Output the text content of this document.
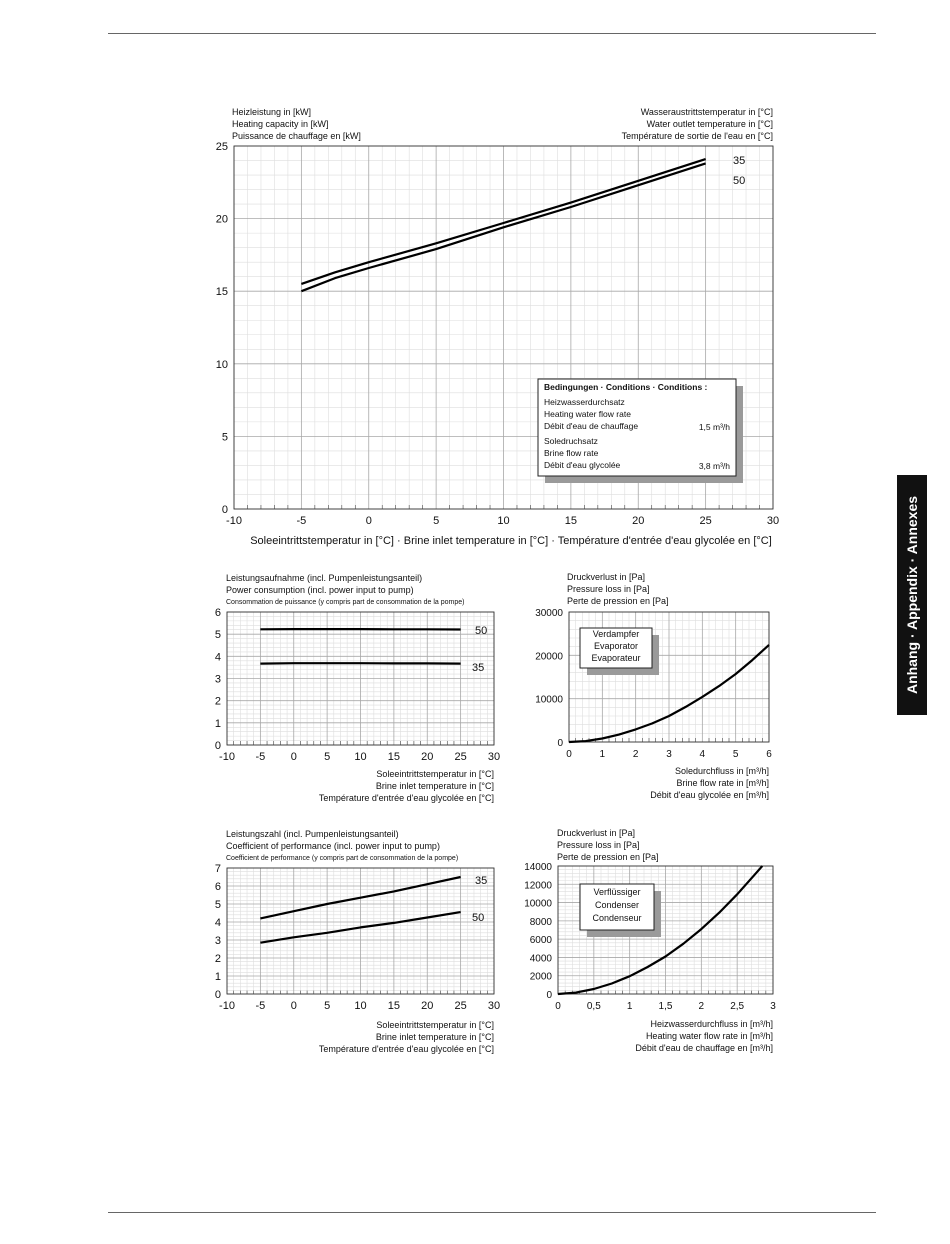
Anhang · Appendix · Annexes
-10	-5	0	5	10	15	20	25	30
0
5
10
15
20
25
Heizleistung in [kW]
Heating capacity in [kW]
Puissance de chauffage en [kW]
Soleeintrittstemperatur in [°C] · Brine inlet temperature in [°C] · Température d'entrée d'eau glycolée en [°C]
Wasseraustrittstemperatur in [°C]
Water outlet temperature in [°C]
Température de sortie de l'eau en [°C]
35
50
Bedingungen · Conditions · Conditions :
Heizwasserdurchsatz
Heating water flow rate
Débit d'eau de chauffage
Soledruchsatz
Brine flow rate
Débit d'eau glycolée
1,5 m³/h
3,8 m³/h
-10 -5 0 5 10 15 20 25 30
0
1
2
3
4
5
6
Leistungsaufnahme (incl. Pumpenleistungsanteil)
Power consumption (incl. power input to pump)
Consommation de puissance (y compris part de consommation de la pompe)
Soleeintrittstemperatur in [°C]
Brine inlet temperature in [°C]
Température d'entrée d'eau glycolée en [°C]
50
35
0	1	2	3	4	5	6
0
10000
20000
30000
Druckverlust in [Pa]
Pressure loss in [Pa]
Perte de pression en [Pa]
Soledurchfluss in [m³/h]
Brine flow rate in [m³/h]
Débit d'eau glycolée en [m³/h]
Verdampfer
Evaporator
Evaporateur
-10 -5 0 5 10 15 20 25 30
0
1
2
3
4
5
6
7
Leistungszahl (incl. Pumpenleistungsanteil)
Coefficient of performance (incl. power input to pump)
Coefficient de performance (y compris part de consommation de la pompe)
Soleeintrittstemperatur in [°C]
Brine inlet temperature in [°C]
Température d'entrée d'eau glycolée en [°C]
35
50
0	0,5	1	1,5	2	2,5	3
0
2000
4000
6000
8000
10000
12000
14000
Druckverlust in [Pa]
Pressure loss in [Pa]
Perte de pression en [Pa]
Heizwasserdurchfluss in [m³/h]
Heating water flow rate in [m³/h]
Débit d'eau de chauffage en [m³/h]
Verflüssiger
Condenser
Condenseur
